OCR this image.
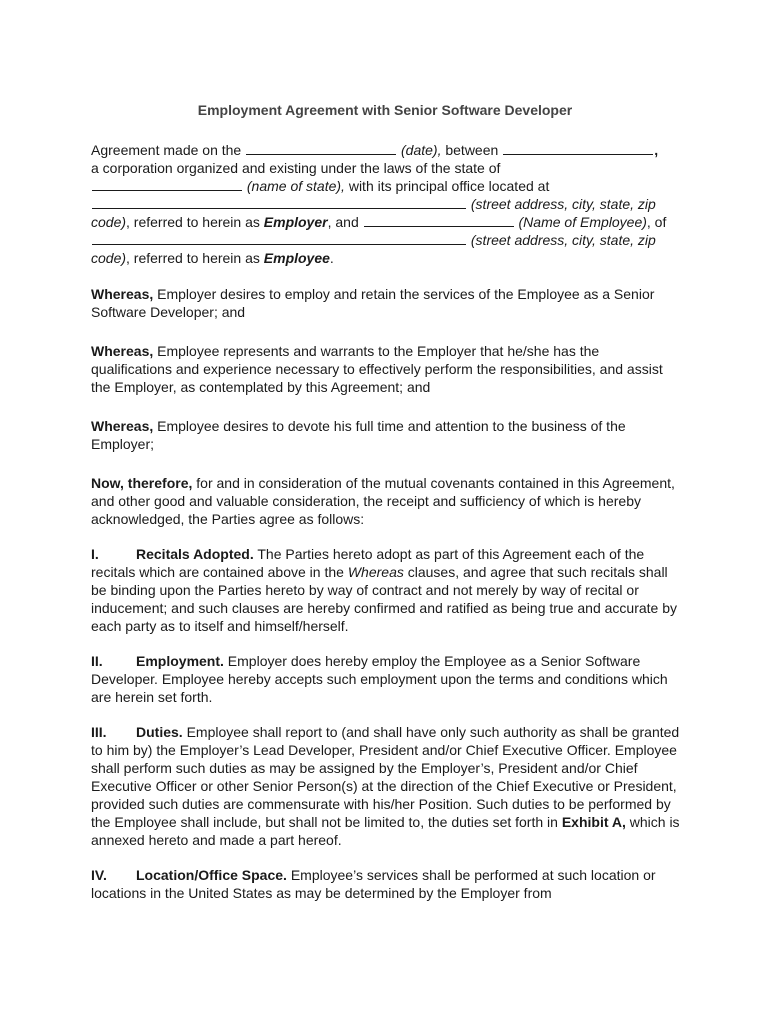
Employment Agreement with Senior Software Developer

Agreement made on the	(date), between	,
a corporation organized and existing under the laws of the state of
(name of state), with its principal office located at
(street address, city, state, zip code), referred to herein as Employer, and	(Name of Employee), of  (street address, city, state, zip code), referred to herein as Employee.

Whereas, Employer desires to employ and retain the services of the Employee as a Senior Software Developer; and

Whereas, Employee represents and warrants to the Employer that he/she has the qualifications and experience necessary to effectively perform the responsibilities, and assist the Employer, as contemplated by this Agreement; and

Whereas, Employee desires to devote his full time and attention to the business of the Employer;

Now, therefore, for and in consideration of the mutual covenants contained in this Agreement, and other good and valuable consideration, the receipt and sufficiency of which is hereby acknowledged, the Parties agree as follows:

I.	Recitals Adopted. The Parties hereto adopt as part of this Agreement each of the recitals which are contained above in the Whereas clauses, and agree that such recitals shall be binding upon the Parties hereto by way of contract and not merely by way of recital or inducement; and such clauses are hereby confirmed and ratified as being true and accurate by each party as to itself and himself/herself.

II. Employment. Employer does hereby employ the Employee as a Senior Software Developer. Employee hereby accepts such employment upon the terms and conditions which are herein set forth.

III. Duties. Employee shall report to (and shall have only such authority as shall be granted to him by) the Employer’s Lead Developer, President and/or Chief Executive Officer. Employee shall perform such duties as may be assigned by the Employer’s, President and/or Chief Executive Officer or other Senior Person(s) at the direction of the Chief Executive or President, provided such duties are commensurate with his/her Position. Such duties to be performed by the Employee shall include, but shall not be limited to, the duties set forth in Exhibit A, which is annexed hereto and made a part hereof.

IV. Location/Office Space. Employee’s services shall be performed at such location or locations in the United States as may be determined by the Employer from
